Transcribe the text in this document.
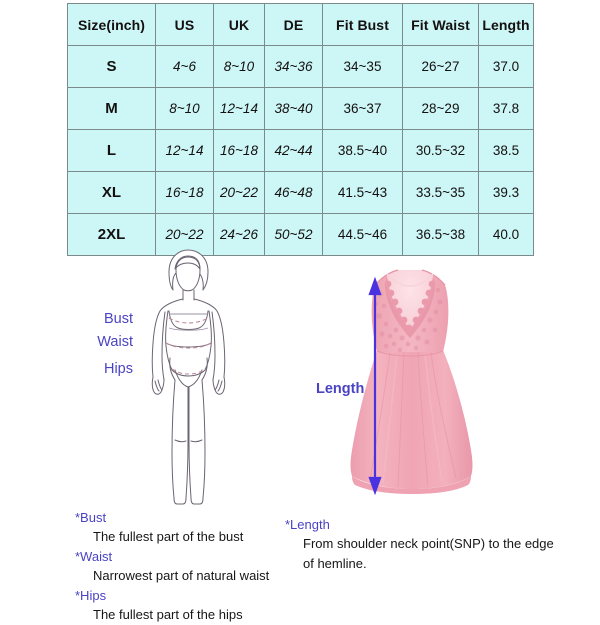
Size(inch)	US	UK	DE	Fit Bust	Fit Waist	Length
S	4~6	8~10	34~36	34~35	26~27	37.0
M	8~10	12~14	38~40	36~37	28~29	37.8
L	12~14	16~18	42~44	38.5~40	30.5~32	38.5
XL	16~18	20~22	46~48	41.5~43	33.5~35	39.3
2XL	20~22	24~26	50~52	44.5~46	36.5~38	40.0
Bust
Waist
Hips
Length

*Bust

The fullest part of the bust

*Waist

Narrowest part of natural waist

*Hips

The fullest part of the hips

*Length

From shoulder neck point(SNP) to the edge

of hemline.
